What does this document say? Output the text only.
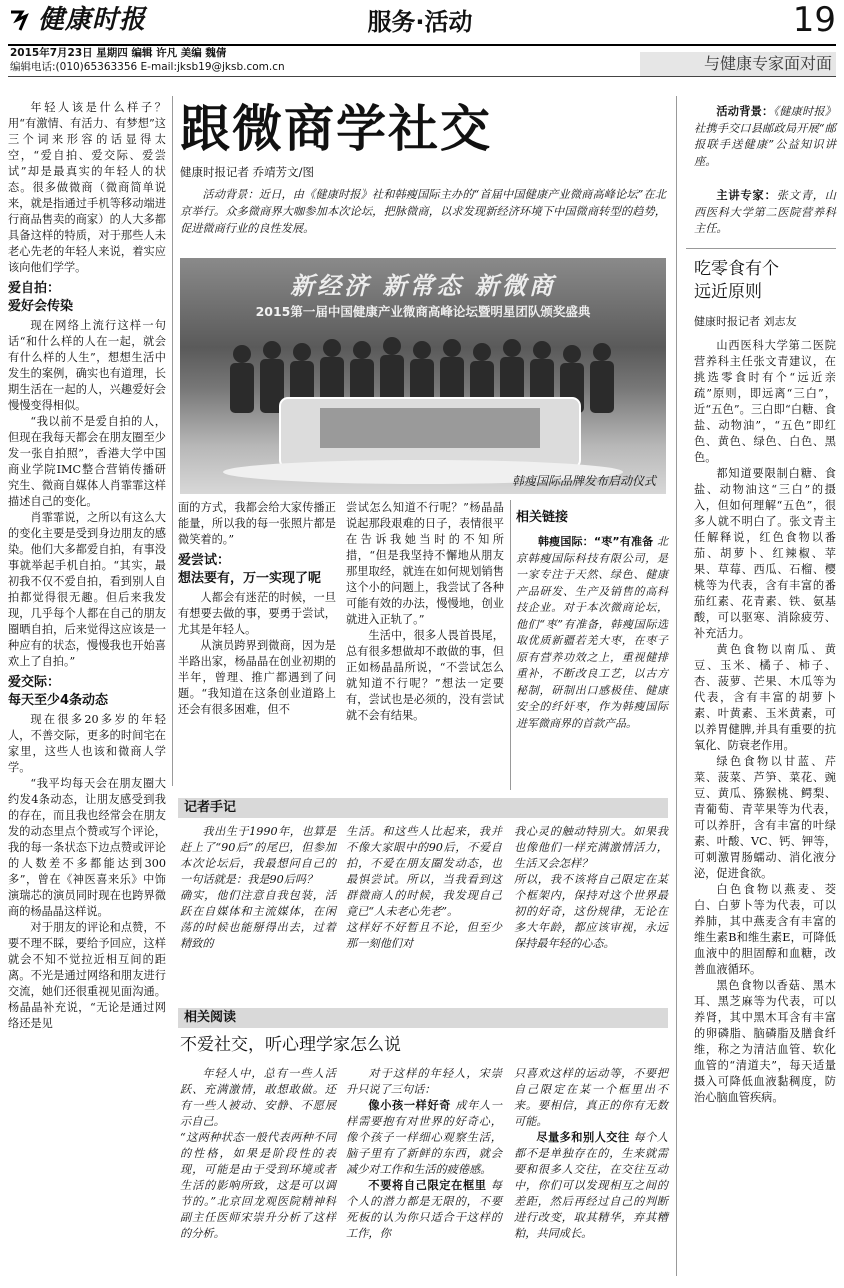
健康时报	服务·活动	19
2015年7月23日 星期四 编辑 许凡 美编 魏倩
编辑电话:(010)65363356 E-mail:jksb19@jksb.com.cn	与健康专家面对面
跟微商学社交
健康时报记者 乔靖芳文/图
活动背景：近日，由《健康时报》社和韩瘦国际主办的“首届中国健康产业微商高峰论坛”在北京举行。众多微商界大咖参加本次论坛，把脉微商，以求发现新经济环境下中国微商转型的趋势，促进微商行业的良性发展。
新经济 新常态 新微商
2015第一届中国健康产业微商高峰论坛暨明星团队颁奖盛典
韩瘦国际品牌发布启动仪式

年轻人该是什么样子？用“有激情、有活力、有梦想”这三个词来形容的话显得太空，“爱自拍、爱交际、爱尝试”却是最真实的年轻人的状态。很多做微商（微商简单说来，就是指通过手机等移动端进行商品售卖的商家）的人大多都具备这样的特质，对于那些人未老心先老的年轻人来说，着实应该向他们学学。

爱自拍：
爱好会传染

现在网络上流行这样一句话“和什么样的人在一起，就会有什么样的人生”，想想生活中发生的案例，确实也有道理，长期生活在一起的人，兴趣爱好会慢慢变得相似。

“我以前不是爱自拍的人，但现在我每天都会在朋友圈至少发一张自拍照”，香港大学中国商业学院IMC整合营销传播研究生、微商自媒体人肖霏霏这样描述自己的变化。

肖霏霏说，之所以有这么大的变化主要是受到身边朋友的感染。他们大多都爱自拍，有事没事就举起手机自拍。“其实，最初我不仅不爱自拍，看到别人自拍都觉得很无趣。但后来我发现，几乎每个人都在自己的朋友圈晒自拍，后来觉得这应该是一种应有的状态，慢慢我也开始喜欢上了自拍。”

爱交际：
每天至少4条动态

现在很多20多岁的年轻人，不善交际，更多的时间宅在家里，这些人也该和微商人学学。

“我平均每天会在朋友圈大约发4条动态，让朋友感受到我的存在，而且我也经常会在朋友发的动态里点个赞或写个评论，我的每一条状态下边点赞或评论的人数差不多都能达到300多”，曾在《神医喜来乐》中饰演瑞芯的演员同时现在也跨界微商的杨晶晶这样说。

对于朋友的评论和点赞，不要不理不睬，要给予回应，这样就会不知不觉拉近相互间的距离。不光是通过网络和朋友进行交流，她们还很重视见面沟通。杨晶晶补充说，“无论是通过网络还是见

面的方式，我都会给大家传播正能量，所以我的每一张照片都是微笑着的。”

爱尝试：
想法要有，万一实现了呢

人都会有迷茫的时候，一旦有想要去做的事，要勇于尝试，尤其是年轻人。

从演员跨界到微商，因为是半路出家，杨晶晶在创业初期的半年，曾理、推广都遇到了问题。“我知道在这条创业道路上还会有很多困难，但不

尝试怎么知道不行呢？”杨晶晶说起那段艰难的日子，表情很平在告诉我她当时的不知所措，“但是我坚持不懈地从朋友那里取经，就连在如何规划销售这个小的问题上，我尝试了各种可能有效的办法，慢慢地，创业就进入正轨了。”

生活中，很多人畏首畏尾，总有很多想做却不敢做的事，但正如杨晶晶所说，“不尝试怎么就知道不行呢？”想法一定要有，尝试也是必须的，没有尝试就不会有结果。

相关链接
韩瘦国际：“枣”有准备 北京韩瘦国际科技有限公司，是一家专注于天然、绿色、健康产品研发、生产及销售的高科技企业。对于本次微商论坛，他们“枣”有准备，韩瘦国际选取优质新疆若羌大枣，在枣子原有营养功效之上，重视健排重补，不断改良工艺，以古方秘制，研制出口感极佳、健康安全的纤奸枣，作为韩瘦国际进军微商界的首款产品。
记者手记
我出生于1990年，也算是赶上了“90后”的尾巴，但参加本次论坛后，我最想问自己的一句话就是：我是90后吗？
确实，他们注意自我包装，活跃在自媒体和主流媒体，在闲荡的时候也能掰得出去，过着精致的
生活。和这些人比起来，我并不像大家眼中的90后，不爱自拍，不爱在朋友圈发动态，也最惧尝试。所以，当我看到这群微商人的时候，我发现自己竟已“人未老心先老”。
这样好不好暂且不论，但至少那一刻他们对
我心灵的触动特别大。如果我也像他们一样充满激情活力，生活又会怎样？
所以，我不该将自己限定在某个框架内，保持对这个世界最初的好奇，这份规律，无论在多大年龄，都应该审视，永远保持最年轻的心态。
相关阅读
不爱社交，听心理学家怎么说
年轻人中，总有一些人活跃、充满激情，敢想敢做。还有一些人被动、安静、不愿展示自己。
“这两种状态一般代表两种不同的性格，如果是阶段性的表现，可能是由于受到环境或者生活的影响所致，这是可以调节的。”北京回龙观医院精神科副主任医师宋崇升分析了这样的分析。
对于这样的年轻人，宋崇升只说了三句话：
像小孩一样好奇 成年人一样需要抱有对世界的好奇心，像个孩子一样细心观察生活，脑子里有了新鲜的东西，就会减少对工作和生活的疲倦感。
不要将自己限定在框里 每个人的潜力都是无限的，不要死板的认为你只适合干这样的工作，你
只喜欢这样的运动等，不要把自己限定在某一个框里出不来。要相信，真正的你有无数可能。
尽量多和别人交往 每个人都不是单独存在的，生来就需要和很多人交往，在交往互动中，你们可以发现相互之间的差距，然后再经过自己的判断进行改变，取其精华，弃其糟粕，共同成长。
活动背景：《健康时报》社携手交口县邮政局开展“邮报联手送健康”公益知识讲座。
主讲专家：张文青，山西医科大学第二医院营养科主任。
吃零食有个
远近原则
健康时报记者 刘志友

山西医科大学第二医院营养科主任张文青建议，在挑选零食时有个“远近亲疏”原则，即远离“三白”，近“五色”。三白即“白糖、食盐、动物油”，“五色”即红色、黄色、绿色、白色、黑色。

都知道要限制白糖、食盐、动物油这“三白”的摄入，但如何理解“五色”，很多人就不明白了。张文青主任解释说，红色食物以番茄、胡萝卜、红辣椒、苹果、草莓、西瓜、石榴、樱桃等为代表，含有丰富的番茄红素、花青素、铁、氨基酸，可以驱寒、消除疲劳、补充活力。

黄色食物以南瓜、黄豆、玉米、橘子、柿子、杏、菠萝、芒果、木瓜等为代表，含有丰富的胡萝卜素、叶黄素、玉米黄素，可以养胃健脾,并具有重要的抗氧化、防衰老作用。

绿色食物以甘蓝、芹菜、菠菜、芦笋、菜花、豌豆、黄瓜、猕猴桃、鳄梨、青葡萄、青苹果等为代表，可以养肝，含有丰富的叶绿素、叶酸、VC、钙、钾等，可刺激胃肠蠕动、消化液分泌，促进食欲。

白色食物以燕麦、茭白、白萝卜等为代表，可以养肺，其中燕麦含有丰富的维生素B和维生素E，可降低血液中的胆固醇和血糖，改善血液循环。

黑色食物以香菇、黑木耳、黑芝麻等为代表，可以养肾，其中黑木耳含有丰富的卵磷脂、脑磷脂及膳食纤维，称之为清洁血管、软化血管的“清道夫”，每天适量摄入可降低血液黏稠度，防治心脑血管疾病。
